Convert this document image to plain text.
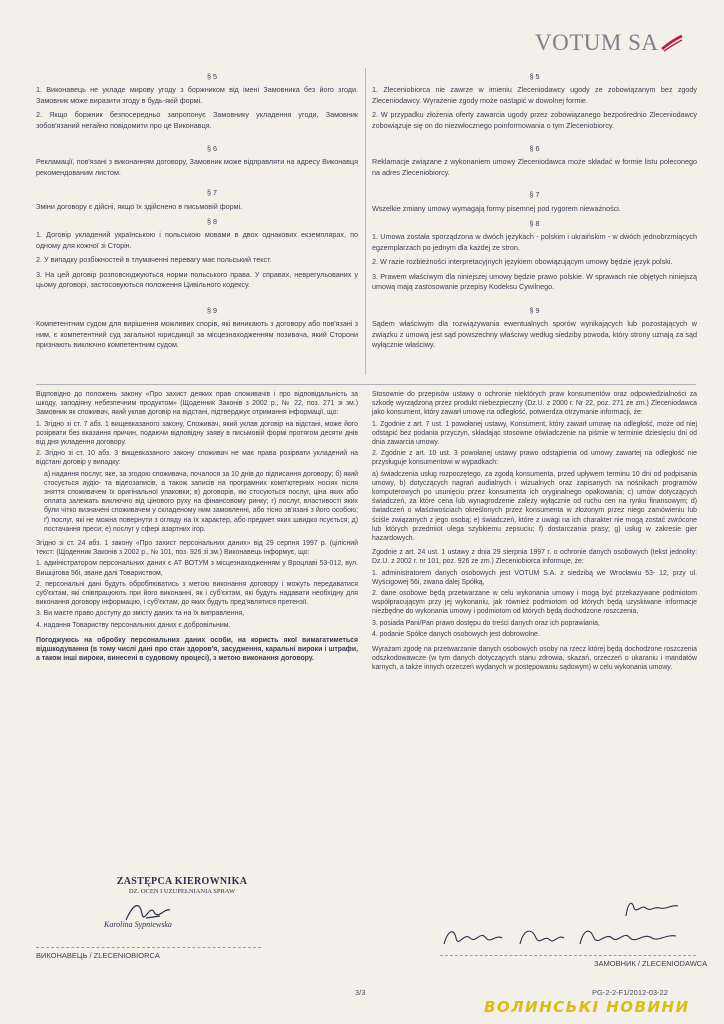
VOTUM SA
§ 5

1. Виконавець не укладе мирову угоду з боржником від імені Замовника без його згоди. Замовник може виразити згоду в будь-якій формі.

2. Якщо боржник безпосередньо запропонує Замовнику укладення угоди, Замовник зобов'язаний негайно повідомити про це Виконавця.

§ 5

1. Zleceniobiorca nie zawrze w imieniu Zleceniodawcy ugody ze zobowiązanym bez zgody Zleceniodawcy. Wyrażenie zgody może nastąpić w dowolnej formie.

2. W przypadku złożenia oferty zawarcia ugody przez zobowiązanego bezpośrednio Zleceniodawcy zobowiązuje się on do niezwłocznego poinformowania o tym Zleceniobiorcy.

§ 6

Рекламації, пов'язані з виконанням договору, Замовник може відправляти на адресу Виконавця рекомендованим листом.

§ 6

Reklamacje związane z wykonaniem umowy Zleceniodawca może składać w formie listu poleconego na adres Zleceniobiorcy.

§ 7

Зміни договору є дійсні, якщо їх здійснено в письмовій формі.

§ 7

Wszelkie zmiany umowy wymagają formy pisemnej pod rygorem nieważności.

§ 8

1. Договір укладений українською і польською мовами в двох однакових екземплярах, по одному для кожної зі Сторін.

2. У випадку розбіжностей в тлумаченні перевагу має польський текст.

3. На цей договір розповсюджуються норми польського права. У справах, неврегульованих у цьому договорі, застосовуються положення Цивільного кодексу.

§ 8

1. Umowa została sporządzona w dwóch językach - polskim i ukraińskim - w dwóch jednobrzmiących egzemplarzach po jednym dla każdej ze stron.

2. W razie rozbieżności interpretacyjnych językiem obowiązującym umowy będzie język polski.

3. Prawem właściwym dla niniejszej umowy będzie prawo polskie. W sprawach nie objętych niniejszą umową mają zastosowanie przepisy Kodeksu Cywilnego.

§ 9

Компетентним судом для вирішення можливих спорів, які виникають з договору або пов'язані з ним, є компетентний суд загальної юрисдикції за місцезнаходженням позивача, який Сторони признають виключно компетентним судом.

§ 9

Sądem właściwym dla rozwiązywania ewentualnych sporów wynikających lub pozostających w związku z umową jest sąd powszechny właściwy według siedziby powoda, który strony uznają za sąd wyłącznie właściwy.

Відповідно до положень закону «Про захист деяких прав споживачів і про відповідальність за шкоду, заподіяну небезпечним продуктом» (Щоденник Законів з 2002 р., № 22, поз. 271 зі зм.) Замовник як споживач, який уклав договір на відстані, підтверджує отримання інформації, що:

1. Згідно зі ст. 7 абз. 1 вищевказаного закону, Споживач, який уклав договір на відстані, може його розірвати без вказання причин, подаючи відповідну заяву в письмовій формі протягом десяти днів від дня укладення договору.

2. Згідно зі ст. 10 абз. 3 вищевказаного закону споживач не має права розірвати укладений на відстані договір у випадку:

а) надання послуг, яке, за згодою споживача, почалося за 10 днів до підписання договору; б) який стосується аудіо- та відеозаписів, а також записів на програмних комп'ютерних носіях після зняття споживачем їх оригінальної упаковки; в) договорів, які стосуються послуг, ціна яких або оплата залежать виключно від цінового руху на фінансовому ринку; г) послуг, властивості яких були чітко визначені споживачем у складеному ним замовленні, або тісно зв'язані з його особою; ґ) послуг, які не можна повернути з огляду на їх характер, або предмет яких швидко псується; д) постачання преси; е) послуг у сфері азартних ігор.

Згідно зі ст. 24 абз. 1 закону «Про захист персональних даних» від 29 серпня 1997 р. (цілісний текст: (Щоденник Законів з 2002 р., № 101, поз. 926 зі зм.) Виконавець інформує, що:

1. адміністратором персональних даних є АТ ВОТУМ з місцезнаходженням у Вроцлаві 53-012, вул. Вишцігова 56і, зване далі Товариством,

2. персональні дані будуть оброблюватись з метою виконання договору і можуть передаватися суб'єктам, які співпрацюють при його виконанні, як і суб'єктам, які будуть надавати необхідну для виконання договору інформацію, і суб'єктам, до яких будуть пред'являтися претензії.

3. Ви маєте право доступу до змісту даних та на їх виправлення,

4. надання Товариству персональних даних є добровільним.

Погоджуюсь на обробку персональних даних особи, на користь якої вимагатиметься відшкодування (в тому числі дані про стан здоров'я, засудження, каральні вироки і штрафи, а також інші вироки, винесені в судовому процесі), з метою виконання договору.

Stosownie do przepisów ustawy o ochronie niektórych praw konsumentów oraz odpowiedzialności za szkodę wyrządzoną przez produkt niebezpieczny (Dz.U. z 2000 r. Nr 22, poz. 271 ze zm.) Zleceniodawca jako konsument, który zawarł umowę na odległość, potwierdza otrzymanie informacji, że:

1. Zgodnie z art. 7 ust. 1 powołanej ustawy, Konsument, który zawarł umowę na odległość, może od niej odstąpić bez podania przyczyn, składając stosowne oświadczenie na piśmie w terminie dziesięciu dni od dnia zawarcia umowy.

2. Zgodnie z art. 10 ust. 3 powołanej ustawy prawo odstąpienia od umowy zawartej na odległość nie przysługuje konsumentowi w wypadkach:

a) świadczenia usług rozpoczętego, za zgodą konsumenta, przed upływem terminu 10 dni od podpisania umowy, b) dotyczących nagrań audialnych i wizualnych oraz zapisanych na nośnikach programów komputerowych po usunięciu przez konsumenta ich oryginalnego opakowania; c) umów dotyczących świadczeń, za które cena lub wynagrodzenie zależy wyłącznie od ruchu cen na rynku finansowym; d) świadczeń o właściwościach określonych przez konsumenta w złożonym przez niego zamówieniu lub ściśle związanych z jego osobą; e) świadczeń, które z uwagi na ich charakter nie mogą zostać zwrócone lub których przedmiot ulega szybkiemu zepsuciu; f) dostarczania prasy; g) usług w zakresie gier hazardowych.

Zgodnie z art. 24 ust. 1 ustawy z dnia 29 sierpnia 1997 r. o ochronie danych osobowych (tekst jednolity: Dz.U. z 2002 r. nr 101, poz. 926 ze zm.) Zleceniobiorca informuje, że:

1. administratorem danych osobowych jest VOTUM S.A. z siedzibą we Wrocławiu 53- 12, przy ul. Wyścigowej 56i, zwana dalej Spółką,

2. dane osobowe będą przetwarzane w celu wykonania umowy i mogą być przekazywane podmiotom współpracującym przy jej wykonaniu, jak również podmiotom od których będą uzyskiwane informacje niezbędne do wykonania umowy i podmiotom od których będą dochodzone roszczenia,

3. posiada Pani/Pan prawo dostępu do treści danych oraz ich poprawiania,

4. podanie Spółce danych osobowych jest dobrowolne.

Wyrażam zgodę na przetwarzanie danych osobowych osoby na rzecz której będą dochodzone roszczenia odszkodowawcze (w tym danych dotyczących stanu zdrowia, skazań, orzeczeń o ukaraniu i mandatów karnych, a także innych orzeczeń wydanych w postępowaniu sądowym) w celu wykonania umowy.

ZASTĘPCA KIEROWNIKA
DZ. OCEN I UZUPEŁNIANIA SPRAW
Karolina Sypniewska
ВИКОНАВЕЦЬ / ZLECENIOBIORCA
ЗАМОВНИК / ZLECENIODAWCA
3/3	PG-2-2-F1/2012-03-22
ВОЛИНСЬКІ НОВИНИ
